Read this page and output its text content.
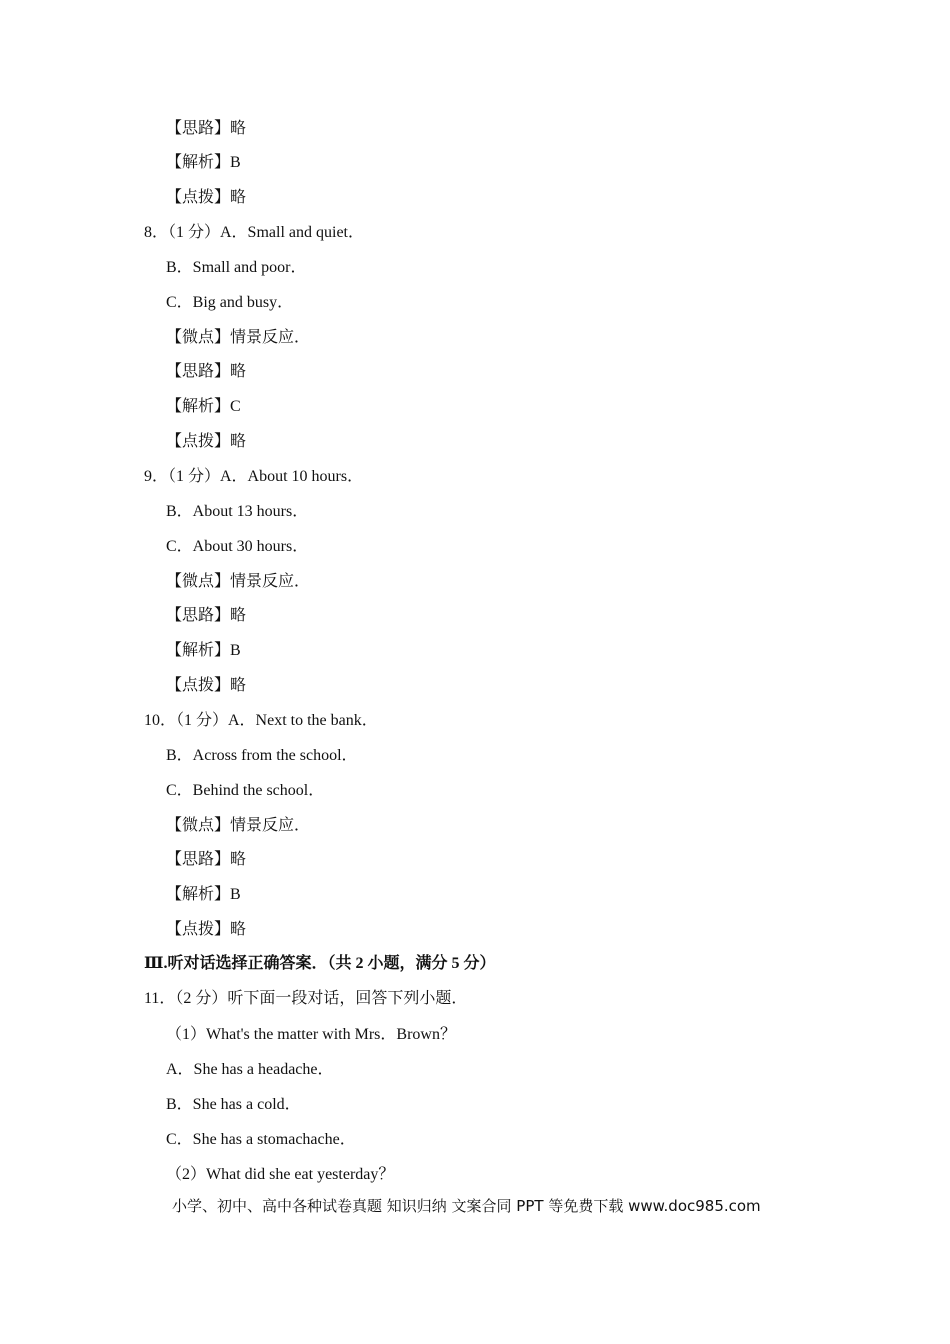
【思路】略
【解析】B
【点拨】略
8．（1 分）A．Small and quiet．
B．Small and poor．
C．Big and busy．
【微点】情景反应．
【思路】略
【解析】C
【点拨】略
9．（1 分）A．About 10 hours．
B．About 13 hours．
C．About 30 hours．
【微点】情景反应．
【思路】略
【解析】B
【点拨】略
10．（1 分）A．Next to the bank．
B．Across from the school．
C．Behind the school．
【微点】情景反应．
【思路】略
【解析】B
【点拨】略
Ⅲ.听对话选择正确答案．（共 2 小题，满分 5 分）
11．（2 分）听下面一段对话，回答下列小题．
（1）What's the matter with Mrs．Brown？
A．She has a headache．
B．She has a cold．
C．She has a stomachache．
（2）What did she eat yesterday？
小学、初中、高中各种试卷真题 知识归纳 文案合同 PPT 等免费下载 www.doc985.com
